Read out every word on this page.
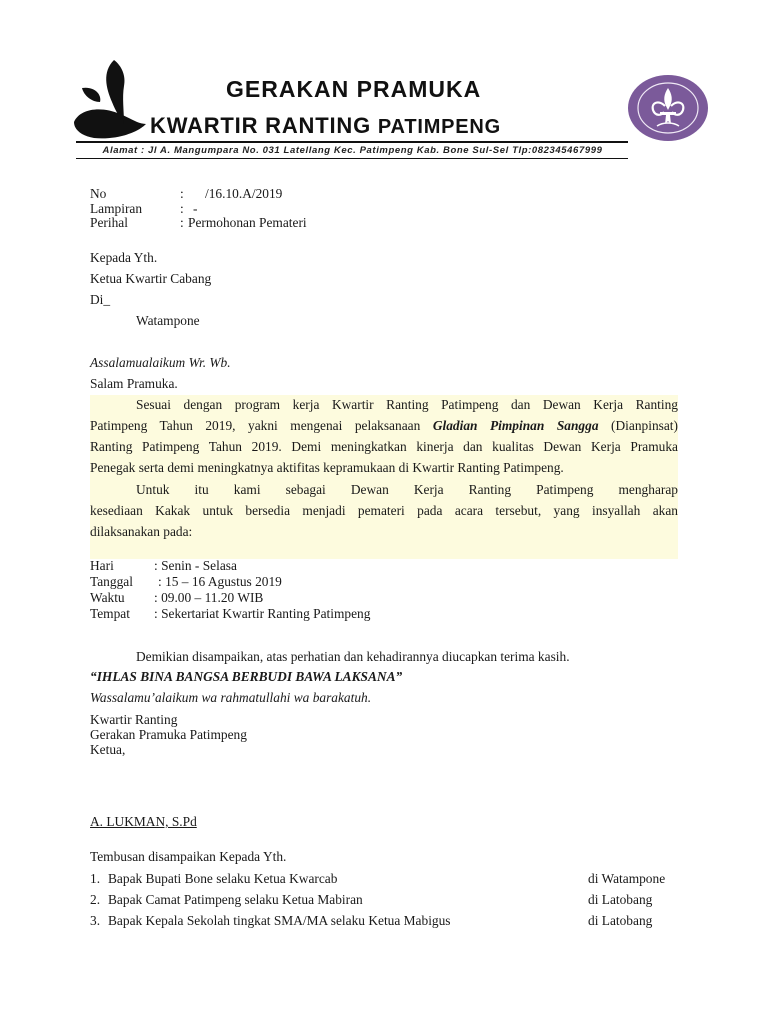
GERAKAN PRAMUKA
KWARTIR RANTING PATIMPENG
Alamat : Jl A. Mangumpara No. 031 Latellang Kec. Patimpeng Kab. Bone Sul-Sel Tlp:082345467999
No	: /16.10.A/2019
Lampiran	: -
Perihal	: Permohonan Pemateri
Kepada Yth.
Ketua Kwartir Cabang
Di_
Watampone
Assalamualaikum Wr. Wb.
Salam Pramuka.
Sesuai dengan program kerja Kwartir Ranting Patimpeng dan Dewan Kerja Ranting
Patimpeng Tahun 2019, yakni mengenai pelaksanaan Gladian Pimpinan Sangga (Dianpinsat)
Ranting Patimpeng Tahun 2019. Demi meningkatkan kinerja dan kualitas Dewan Kerja Pramuka
Penegak serta demi meningkatnya aktifitas kepramukaan di Kwartir Ranting Patimpeng.
Untuk itu kami sebagai Dewan Kerja Ranting Patimpeng mengharap
kesediaan Kakak untuk bersedia menjadi pemateri pada acara tersebut, yang insyallah akan
dilaksanakan pada:
Hari	: Senin - Selasa
Tanggal : 15 – 16 Agustus 2019
Waktu : 09.00 – 11.20 WIB
Tempat : Sekertariat Kwartir Ranting Patimpeng
Demikian disampaikan, atas perhatian dan kehadirannya diucapkan terima kasih.
“IHLAS BINA BANGSA BERBUDI BAWA LAKSANA”
Wassalamu’alaikum wa rahmatullahi wa barakatuh.
Kwartir Ranting
Gerakan Pramuka Patimpeng
Ketua,
A. LUKMAN, S.Pd
Tembusan disampaikan Kepada Yth.
1. Bapak Bupati Bone selaku Ketua Kwarcab	di Watampone
2. Bapak Camat Patimpeng selaku Ketua Mabiran	di Latobang
3. Bapak Kepala Sekolah tingkat SMA/MA selaku Ketua Mabigus	di Latobang
